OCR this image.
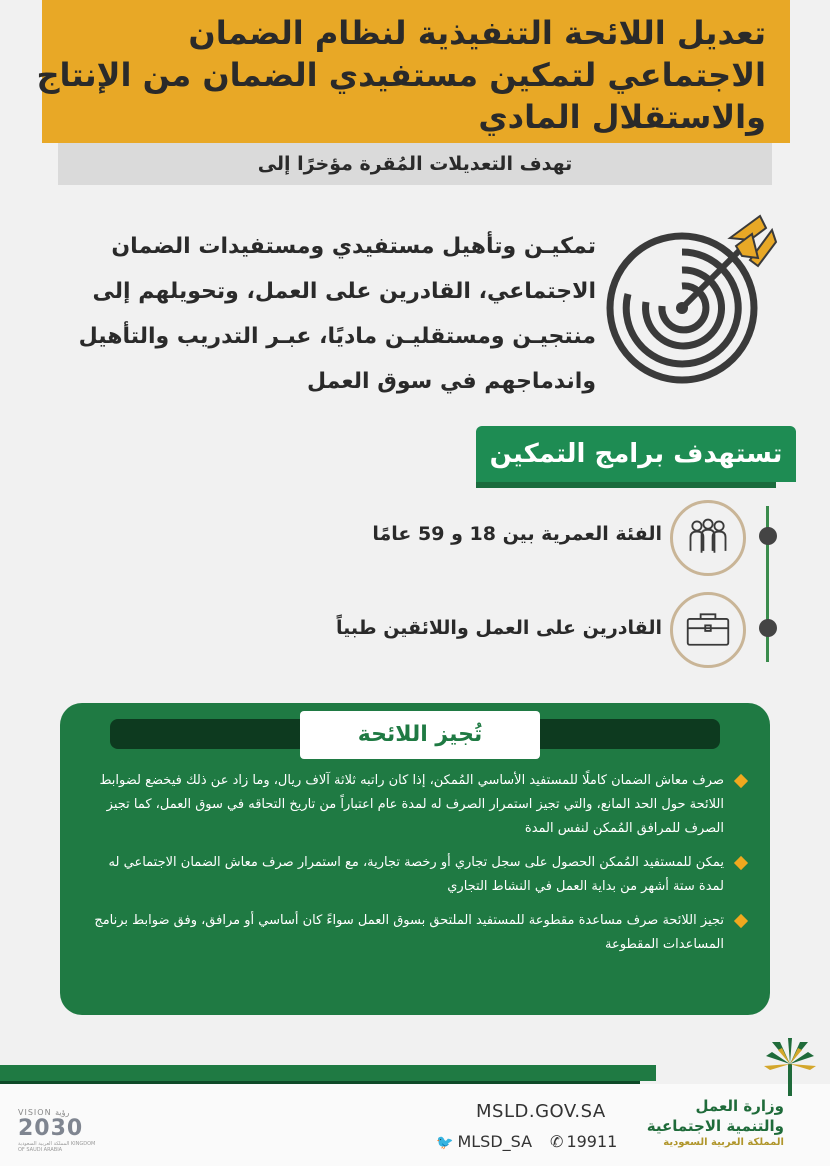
تعديل اللائحة التنفيذية لنظام الضمان
الاجتماعي لتمكين مستفيدي الضمان من الإنتاج
والاستقلال المادي
تهدف التعديلات المُقرة مؤخرًا إلى
تمكيـن وتأهيل مستفيدي ومستفيدات الضمان
الاجتماعي، القادرين على العمل، وتحويلهم إلى
منتجيـن ومستقليـن ماديًا، عبـر التدريب والتأهيل
واندماجهم في سوق العمل
تستهدف برامج التمكين
الفئة العمرية بين 18 و 59 عامًا
القادرين على العمل واللائقين طبياً
تُجيز اللائحة
صرف معاش الضمان كاملًا للمستفيد الأساسي المُمكن، إذا كان راتبه ثلاثة آلاف ريال، وما زاد عن ذلك فيخضع لضوابط اللائحة حول الحد المانع، والتي تجيز استمرار الصرف له لمدة عام اعتباراً من تاريخ التحاقه في سوق العمل، كما تجيز الصرف للمرافق المُمكن لنفس المدة
يمكن للمستفيد المُمكن الحصول على سجل تجاري أو رخصة تجارية، مع استمرار صرف معاش الضمان الاجتماعي له لمدة ستة أشهر من بداية العمل في النشاط التجاري
تجيز اللائحة صرف مساعدة مقطوعة للمستفيد الملتحق بسوق العمل سواءً كان أساسي أو مرافق، وفق ضوابط برنامج المساعدات المقطوعة
VISION رؤية
2030
المملكة العربية السعودية KINGDOM OF SAUDI ARABIA
MSLD.GOV.SA
🐦 MLSD_SA ✆ 19911
وزارة العمل
والتنمية الاجتماعية
المملكة العربية السعودية
